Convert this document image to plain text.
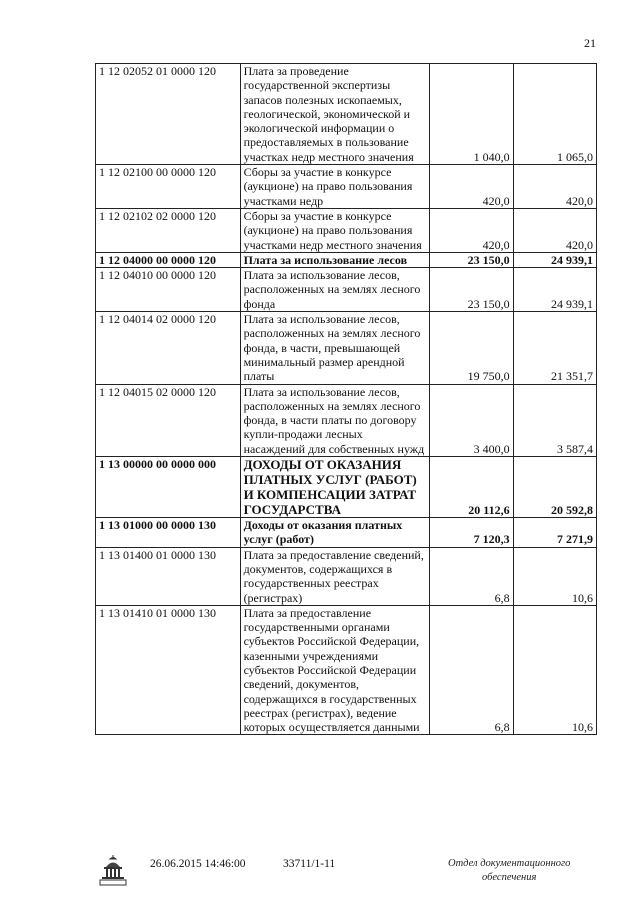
21
1 12 02052 01 0000 120	Плата за проведение государственной экспертизы запасов полезных ископаемых, геологической, экономической и экологической информации о предоставляемых в пользование участках недр местного значения	1 040,0	1 065,0
1 12 02100 00 0000 120	Сборы за участие в конкурсе (аукционе) на право пользования участками недр	420,0	420,0
1 12 02102 02 0000 120	Сборы за участие в конкурсе (аукционе) на право пользования участками недр местного значения	420,0	420,0
1 12 04000 00 0000 120	Плата за использование лесов	23 150,0	24 939,1
1 12 04010 00 0000 120	Плата за использование лесов, расположенных на землях лесного фонда	23 150,0	24 939,1
1 12 04014 02 0000 120	Плата за использование лесов, расположенных на землях лесного фонда, в части, превышающей минимальный размер арендной платы	19 750,0	21 351,7
1 12 04015 02 0000 120	Плата за использование лесов, расположенных на землях лесного фонда, в части платы по договору купли-продажи лесных насаждений для собственных нужд	3 400,0	3 587,4
1 13 00000 00 0000 000	ДОХОДЫ ОТ ОКАЗАНИЯ ПЛАТНЫХ УСЛУГ (РАБОТ) И КОМПЕНСАЦИИ ЗАТРАТ ГОСУДАРСТВА	20 112,6	20 592,8
1 13 01000 00 0000 130	Доходы от оказания платных услуг (работ)	7 120,3	7 271,9
1 13 01400 01 0000 130	Плата за предоставление сведений, документов, содержащихся в государственных реестрах (регистрах)	6,8	10,6
1 13 01410 01 0000 130	Плата за предоставление государственными органами субъектов Российской Федерации, казенными учреждениями субъектов Российской Федерации сведений, документов, содержащихся в государственных реестрах (регистрах), ведение которых осуществляется данными	6,8	10,6
26.06.2015 14:46:00	33711/1-11	Отдел документационного
обеспечения
